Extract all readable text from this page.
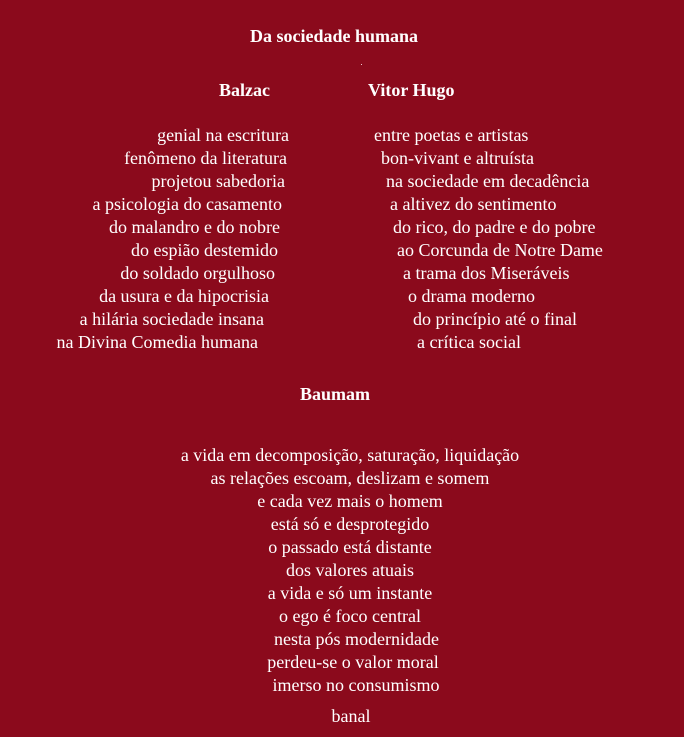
Da sociedade humana
Balzac	Vitor Hugo
genial na escritura
fenômeno da literatura
projetou sabedoria
a psicologia do casamento
do malandro e do nobre
do espião destemido
do soldado orgulhoso
da usura e da hipocrisia
a hilária sociedade insana
na Divina Comedia humana
entre poetas e artistas
bon-vivant e altruísta
na sociedade em decadência
a altivez do sentimento
do rico, do padre e do pobre
ao Corcunda de Notre Dame
a trama dos Miseráveis
o drama moderno
do princípio até o final
a crítica social
Baumam
a vida em decomposição, saturação, liquidação
as relações escoam, deslizam e somem
e cada vez mais o homem
está só e desprotegido
o passado está distante
dos valores atuais
a vida e só um instante
o ego é foco central
nesta pós modernidade
perdeu-se o valor moral
imerso no consumismo
banal
